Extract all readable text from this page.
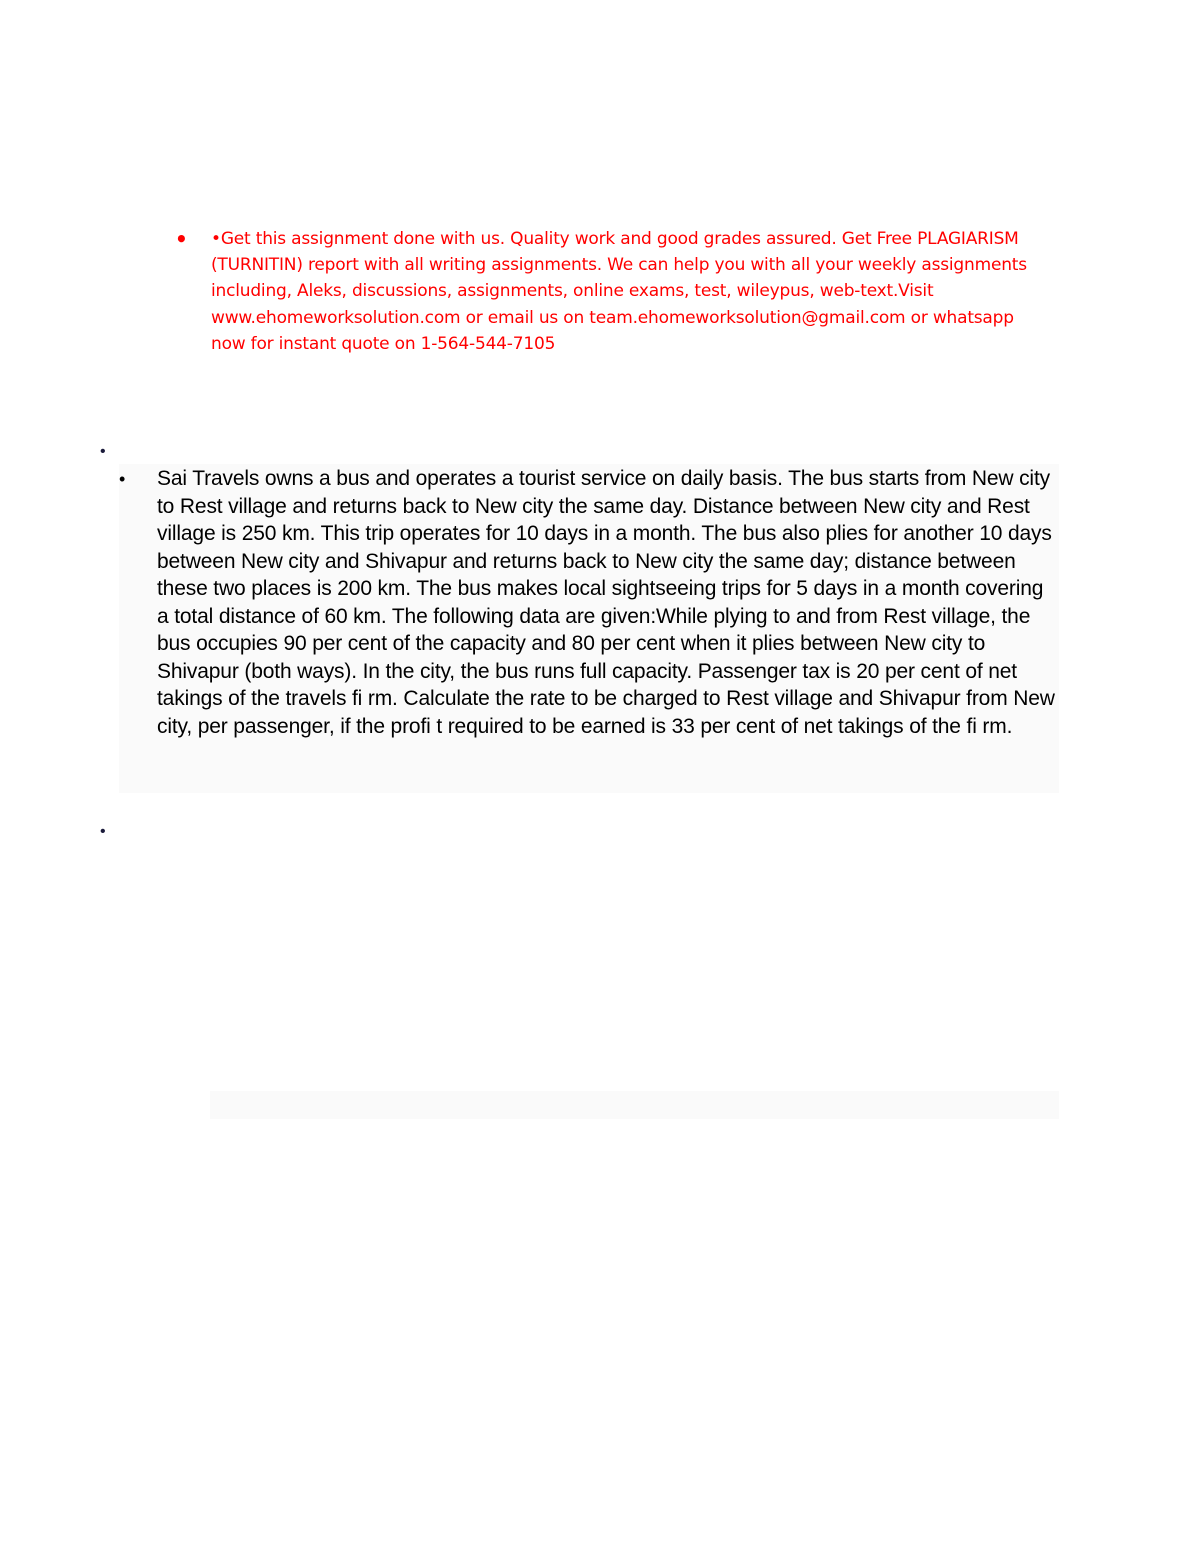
• •Get this assignment done with us. Quality work and good grades assured. Get Free PLAGIARISM (TURNITIN) report with all writing assignments. We can help you with all your weekly assignments including, Aleks, discussions, assignments, online exams, test, wileypus, web-text.Visit www.ehomeworksolution.com or email us on team.ehomeworksolution@gmail.com or whatsapp now for instant quote on 1-564-544-7105
•
• Sai Travels owns a bus and operates a tourist service on daily basis. The bus starts from New city to Rest village and returns back to New city the same day. Distance between New city and Rest village is 250 km. This trip operates for 10 days in a month. The bus also plies for another 10 days between New city and Shivapur and returns back to New city the same day; distance between these two places is 200 km. The bus makes local sightseeing trips for 5 days in a month covering a total distance of 60 km. The following data are given:While plying to and from Rest village, the bus occupies 90 per cent of the capacity and 80 per cent when it plies between New city to Shivapur (both ways). In the city, the bus runs full capacity. Passenger tax is 20 per cent of net takings of the travels fi rm. Calculate the rate to be charged to Rest village and Shivapur from New city, per passenger, if the profi t required to be earned is 33 per cent of net takings of the fi rm.
•
